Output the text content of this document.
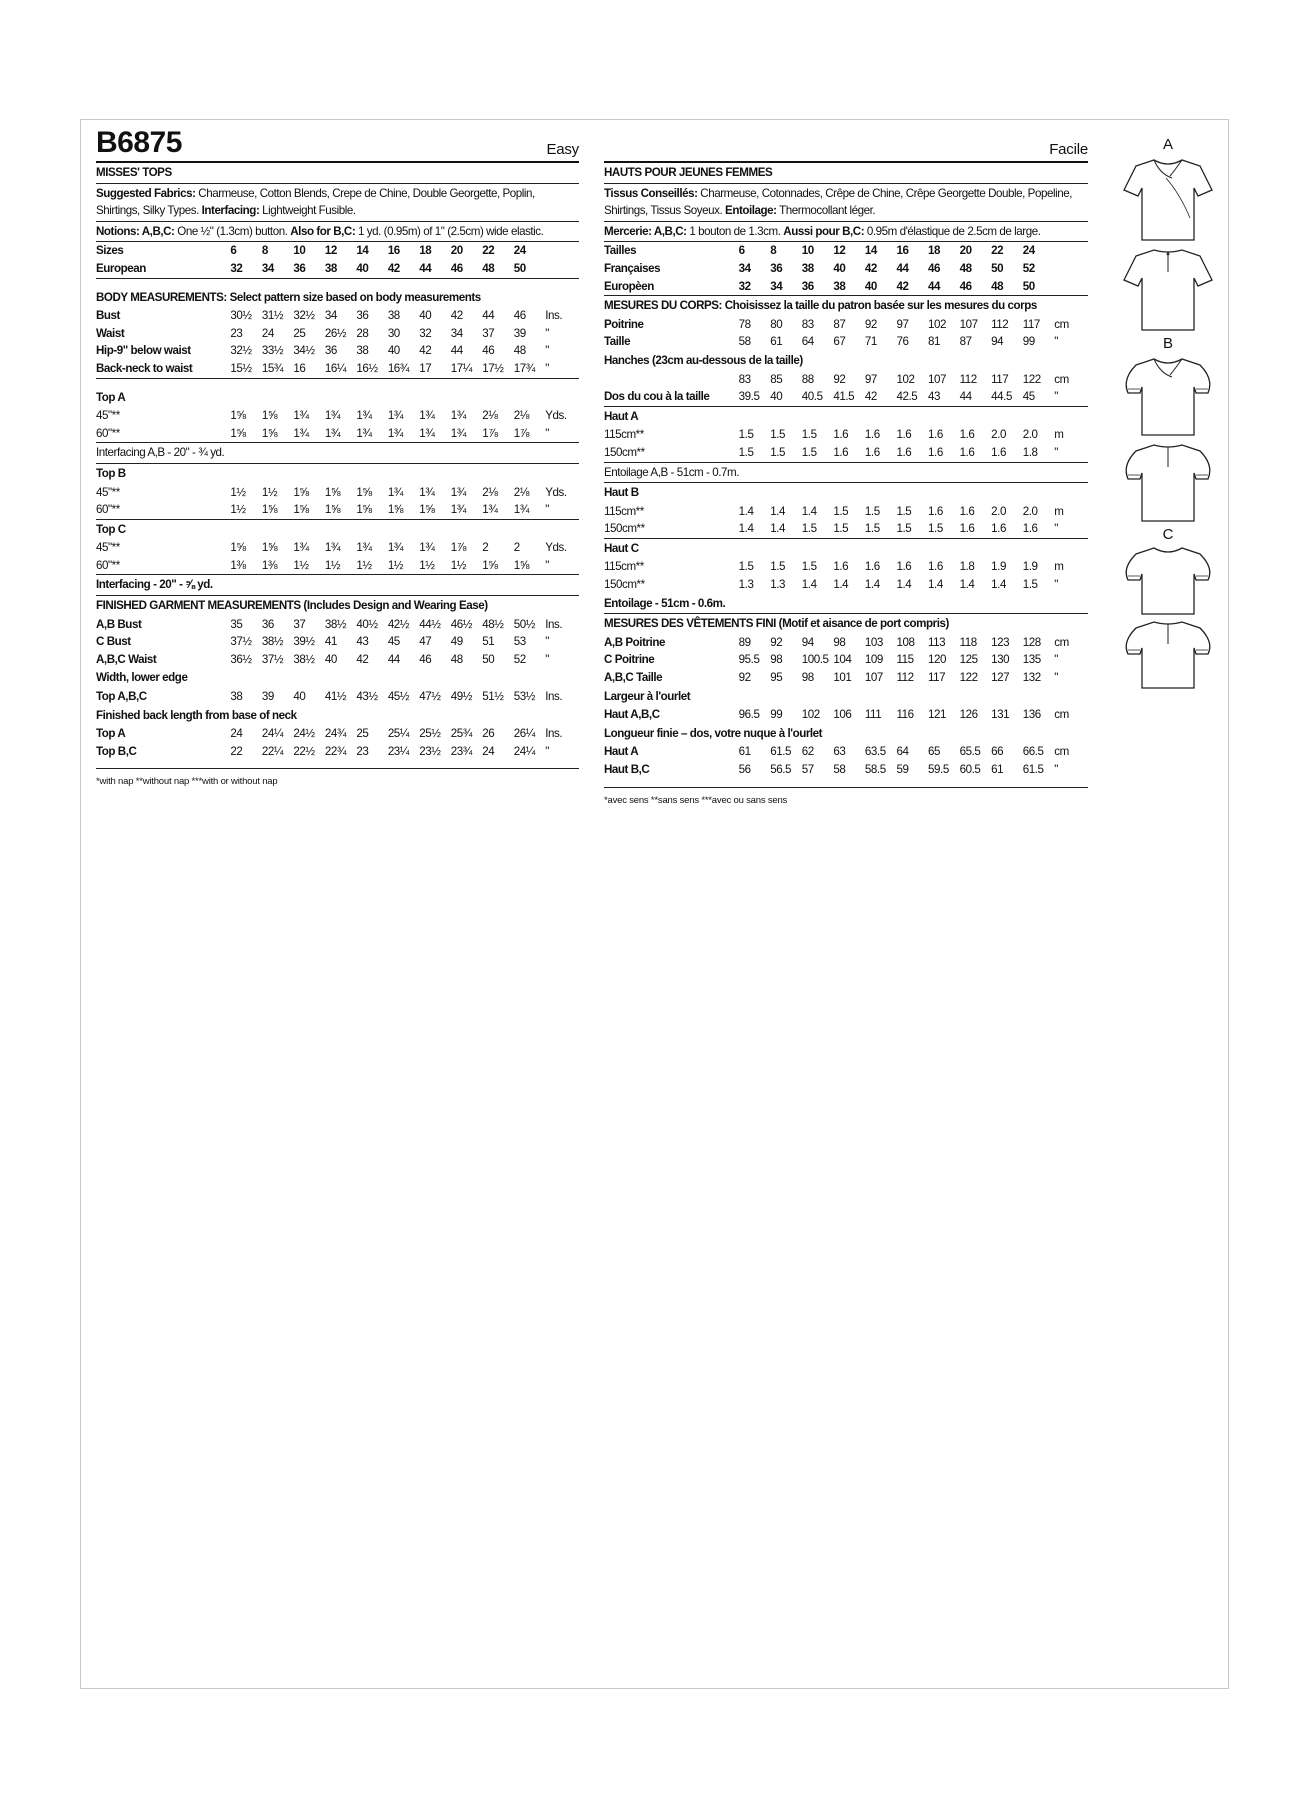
B6875	Easy
MISSES' TOPS
Suggested Fabrics: Charmeuse, Cotton Blends, Crepe de Chine, Double Georgette, Poplin, Shirtings, Silky Types. Interfacing: Lightweight Fusible.
Notions: A,B,C: One ½" (1.3cm) button. Also for B,C: 1 yd. (0.95m) of 1" (2.5cm) wide elastic.
Sizes	6	8	10	12	14	16	18	20	22	24	
European	32	34	36	38	40	42	44	46	48	50	
BODY MEASUREMENTS: Select pattern size based on body measurements
Bust	30½	31½	32½	34	36	38	40	42	44	46	Ins.
Waist	23	24	25	26½	28	30	32	34	37	39	"
Hip-9" below waist	32½	33½	34½	36	38	40	42	44	46	48	"
Back-neck to waist	15½	15¾	16	16¼	16½	16¾	17	17¼	17½	17¾	"
Top A
45"**	1⅝	1⅝	1¾	1¾	1¾	1¾	1¾	1¾	2⅛	2⅛	Yds.
60"**	1⅝	1⅝	1¾	1¾	1¾	1¾	1¾	1¾	1⅞	1⅞	"
Interfacing A,B - 20" - ¾ yd.
Top B
45"**	1½	1½	1⅝	1⅝	1⅝	1¾	1¾	1¾	2⅛	2⅛	Yds.
60"**	1½	1⅝	1⅝	1⅝	1⅝	1⅝	1⅝	1¾	1¾	1¾	"
Top C
45"**	1⅝	1⅝	1¾	1¾	1¾	1¾	1¾	1⅞	2	2	Yds.
60"**	1⅜	1⅜	1½	1½	1½	1½	1½	1½	1⅝	1⅝	"
Interfacing - 20" - ⅝ yd.
FINISHED GARMENT MEASUREMENTS (Includes Design and Wearing Ease)
A,B Bust	35	36	37	38½	40½	42½	44½	46½	48½	50½	Ins.
C Bust	37½	38½	39½	41	43	45	47	49	51	53	"
A,B,C Waist	36½	37½	38½	40	42	44	46	48	50	52	"
Width, lower edge
Top A,B,C	38	39	40	41½	43½	45½	47½	49½	51½	53½	Ins.
Finished back length from base of neck
Top A	24	24¼	24½	24¾	25	25¼	25½	25¾	26	26¼	Ins.
Top B,C	22	22¼	22½	22¾	23	23¼	23½	23¾	24	24¼	"
*with nap **without nap ***with or without nap
Facile
HAUTS POUR JEUNES FEMMES
Tissus Conseillés: Charmeuse, Cotonnades, Crêpe de Chine, Crêpe Georgette Double, Popeline, Shirtings, Tissus Soyeux. Entoilage: Thermocollant léger.
Mercerie: A,B,C: 1 bouton de 1.3cm. Aussi pour B,C: 0.95m d'élastique de 2.5cm de large.
Tailles	6	8	10	12	14	16	18	20	22	24	
Françaises	34	36	38	40	42	44	46	48	50	52	
Europèen	32	34	36	38	40	42	44	46	48	50	
MESURES DU CORPS: Choisissez la taille du patron basée sur les mesures du corps
Poitrine	78	80	83	87	92	97	102	107	112	117	cm
Taille	58	61	64	67	71	76	81	87	94	99	"
Hanches (23cm au-dessous de la taille)
	83	85	88	92	97	102	107	112	117	122	cm
Dos du cou à la taille	39.5	40	40.5	41.5	42	42.5	43	44	44.5	45	"
Haut A
115cm**	1.5	1.5	1.5	1.6	1.6	1.6	1.6	1.6	2.0	2.0	m
150cm**	1.5	1.5	1.5	1.6	1.6	1.6	1.6	1.6	1.6	1.8	"
Entoilage A,B - 51cm - 0.7m.
Haut B
115cm**	1.4	1.4	1.4	1.5	1.5	1.5	1.6	1.6	2.0	2.0	m
150cm**	1.4	1.4	1.5	1.5	1.5	1.5	1.5	1.6	1.6	1.6	"
Haut C
115cm**	1.5	1.5	1.5	1.6	1.6	1.6	1.6	1.8	1.9	1.9	m
150cm**	1.3	1.3	1.4	1.4	1.4	1.4	1.4	1.4	1.4	1.5	"
Entoilage - 51cm - 0.6m.
MESURES DES VÊTEMENTS FINI (Motif et aisance de port compris)
A,B Poitrine	89	92	94	98	103	108	113	118	123	128	cm
C Poitrine	95.5	98	100.5	104	109	115	120	125	130	135	"
A,B,C Taille	92	95	98	101	107	112	117	122	127	132	"
Largeur à l'ourlet
Haut A,B,C	96.5	99	102	106	111	116	121	126	131	136	cm
Longueur finie – dos, votre nuque à l'ourlet
Haut A	61	61.5	62	63	63.5	64	65	65.5	66	66.5	cm
Haut B,C	56	56.5	57	58	58.5	59	59.5	60.5	61	61.5	"
*avec sens **sans sens ***avec ou sans sens
A
B
C
